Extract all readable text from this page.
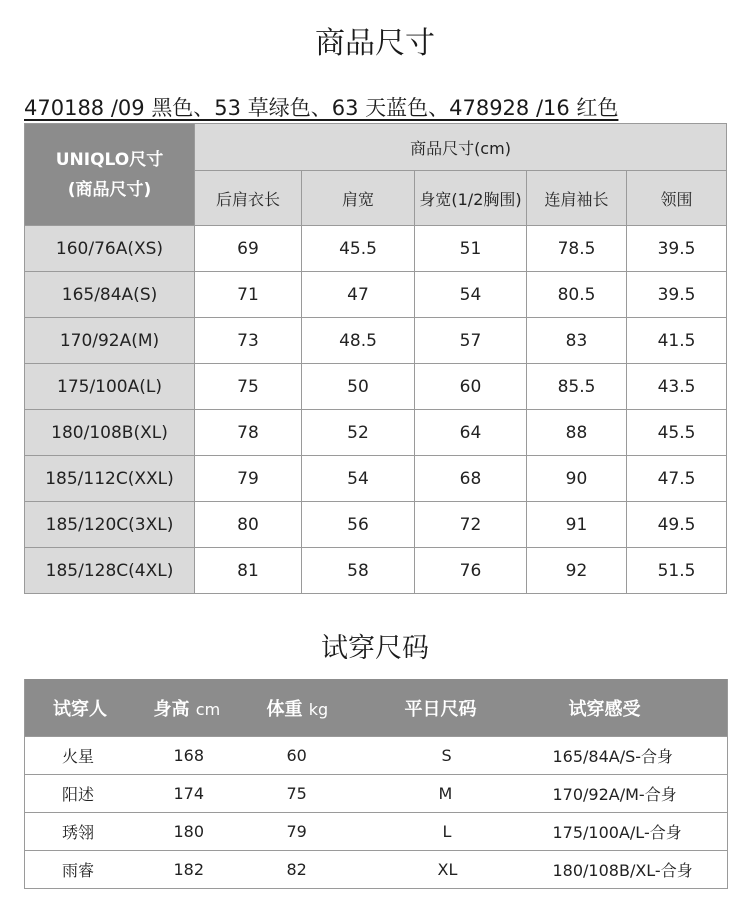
商品尺寸
470188 /09 黑色、53 草绿色、63 天蓝色、478928 /16 红色
UNIQLO尺寸
(商品尺寸)	商品尺寸(cm)				
	后肩衣长	肩宽	身宽(1/2胸围)	连肩袖长	领围
160/76A(XS)	69	45.5	51	78.5	39.5
165/84A(S)	71	47	54	80.5	39.5
170/92A(M)	73	48.5	57	83	41.5
175/100A(L)	75	50	60	85.5	43.5
180/108B(XL)	78	52	64	88	45.5
185/112C(XXL)	79	54	68	90	47.5
185/120C(3XL)	80	56	72	91	49.5
185/128C(4XL)	81	58	76	92	51.5
试穿尺码
试穿人	身高 cm	体重 kg	平日尺码	试穿感受
火星	168	60	S	165/84A/S-合身
阳述	174	75	M	170/92A/M-合身
琇翎	180	79	L	175/100A/L-合身
雨睿	182	82	XL	180/108B/XL-合身
